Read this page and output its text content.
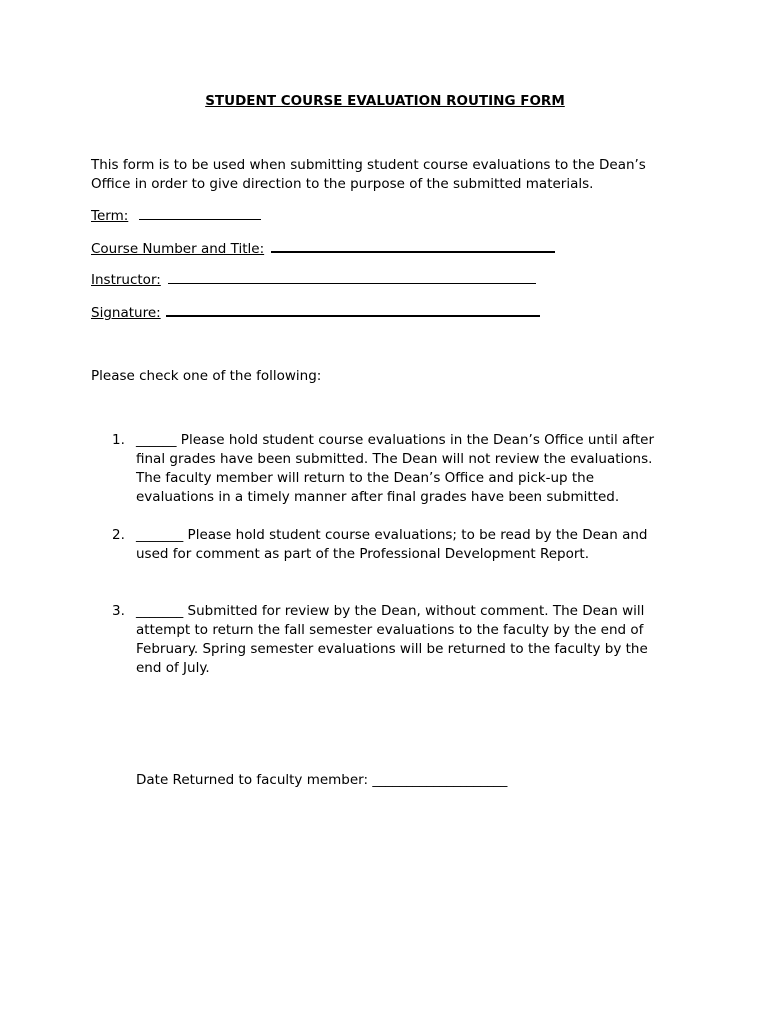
STUDENT COURSE EVALUATION ROUTING FORM
This form is to be used when submitting student course evaluations to the Dean’s
Office in order to give direction to the purpose of the submitted materials.
Term:
Course Number and Title:
Instructor:
Signature:
Please check one of the following:
1. ______ Please hold student course evaluations in the Dean’s Office until after
final grades have been submitted. The Dean will not review the evaluations.
The faculty member will return to the Dean’s Office and pick-up the
evaluations in a timely manner after final grades have been submitted.
2. _______ Please hold student course evaluations; to be read by the Dean and
used for comment as part of the Professional Development Report.
3. _______ Submitted for review by the Dean, without comment. The Dean will
attempt to return the fall semester evaluations to the faculty by the end of
February. Spring semester evaluations will be returned to the faculty by the
end of July.
Date Returned to faculty member: ____________________
